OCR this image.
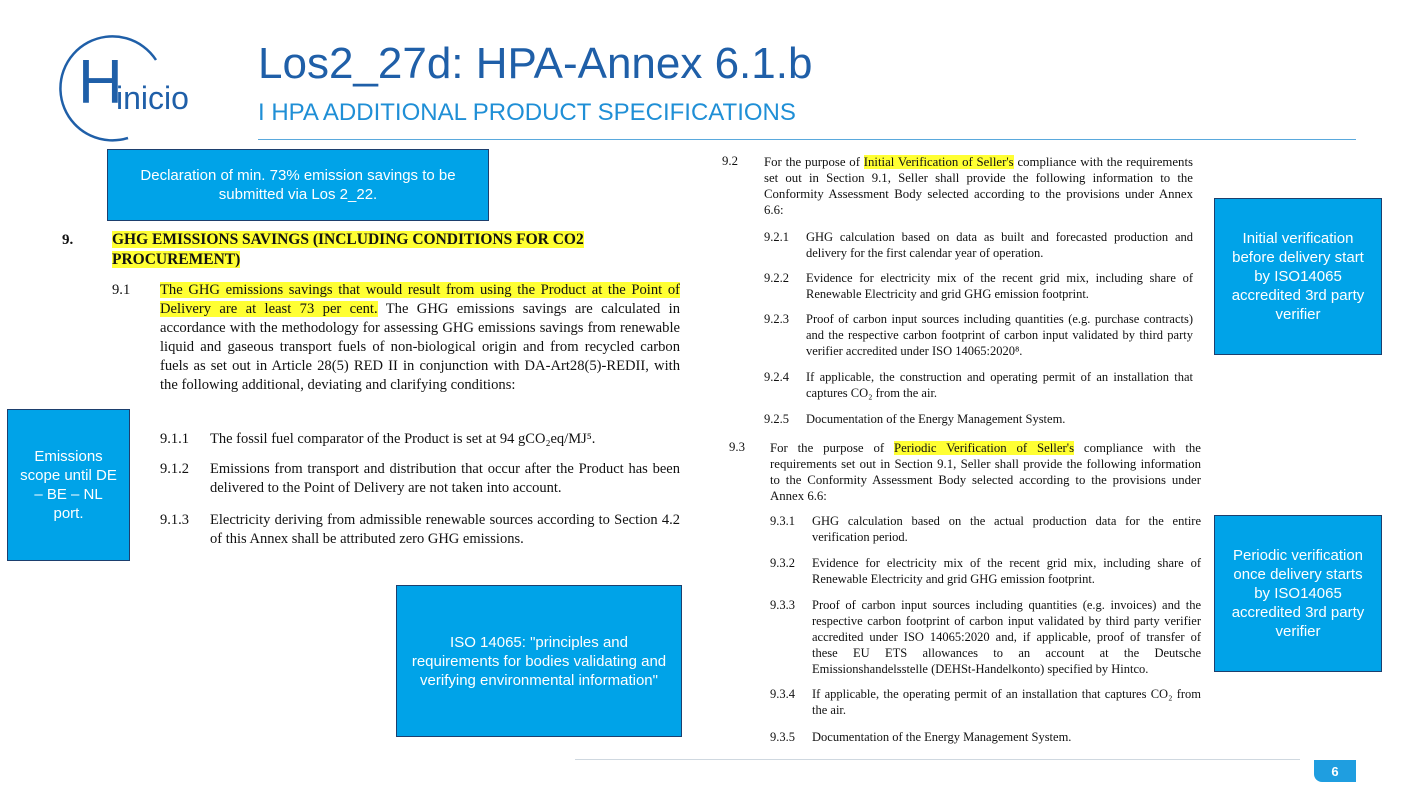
H
inicio
Los2_27d: HPA-Annex 6.1.b
I HPA ADDITIONAL PRODUCT SPECIFICATIONS
9.	GHG EMISSIONS SAVINGS (INCLUDING CONDITIONS FOR CO2 PROCUREMENT)
9.1 The GHG emissions savings that would result from using the Product at the Point of Delivery are at least 73 per cent. The GHG emissions savings are calculated in accordance with the methodology for assessing GHG emissions savings from renewable liquid and gaseous transport fuels of non-biological origin and from recycled carbon fuels as set out in Article 28(5) RED II in conjunction with DA-Art28(5)-REDII, with the following additional, deviating and clarifying conditions:
9.1.1 The fossil fuel comparator of the Product is set at 94 gCO₂eq/MJ⁵.
9.1.2 Emissions from transport and distribution that occur after the Product has been delivered to the Point of Delivery are not taken into account.
9.1.3 Electricity deriving from admissible renewable sources according to Section 4.2 of this Annex shall be attributed zero GHG emissions.
9.2 For the purpose of Initial Verification of Seller's compliance with the requirements set out in Section 9.1, Seller shall provide the following information to the Conformity Assessment Body selected according to the provisions under Annex 6.6:
9.2.1 GHG calculation based on data as built and forecasted production and delivery for the first calendar year of operation.
9.2.2 Evidence for electricity mix of the recent grid mix, including share of Renewable Electricity and grid GHG emission footprint.
9.2.3 Proof of carbon input sources including quantities (e.g. purchase contracts) and the respective carbon footprint of carbon input validated by third party verifier accredited under ISO 14065:2020⁸.
9.2.4 If applicable, the construction and operating permit of an installation that captures CO₂ from the air.
9.2.5 Documentation of the Energy Management System.
9.3 For the purpose of Periodic Verification of Seller's compliance with the requirements set out in Section 9.1, Seller shall provide the following information to the Conformity Assessment Body selected according to the provisions under Annex 6.6:
9.3.1 GHG calculation based on the actual production data for the entire verification period.
9.3.2 Evidence for electricity mix of the recent grid mix, including share of Renewable Electricity and grid GHG emission footprint.
9.3.3 Proof of carbon input sources including quantities (e.g. invoices) and the respective carbon footprint of carbon input validated by third party verifier accredited under ISO 14065:2020 and, if applicable, proof of transfer of these EU ETS allowances to an account at the Deutsche Emissionshandelsstelle (DEHSt-Handelkonto) specified by Hintco.
9.3.4 If applicable, the operating permit of an installation that captures CO₂ from the air.
9.3.5 Documentation of the Energy Management System.
Declaration of min. 73% emission savings to be submitted via Los 2_22.
Emissions scope until DE – BE – NL port.
ISO 14065: "principles and requirements for bodies validating and verifying environmental information"
Initial verification before delivery start by ISO14065 accredited 3rd party verifier
Periodic verification once delivery starts by ISO14065 accredited 3rd party verifier
6
